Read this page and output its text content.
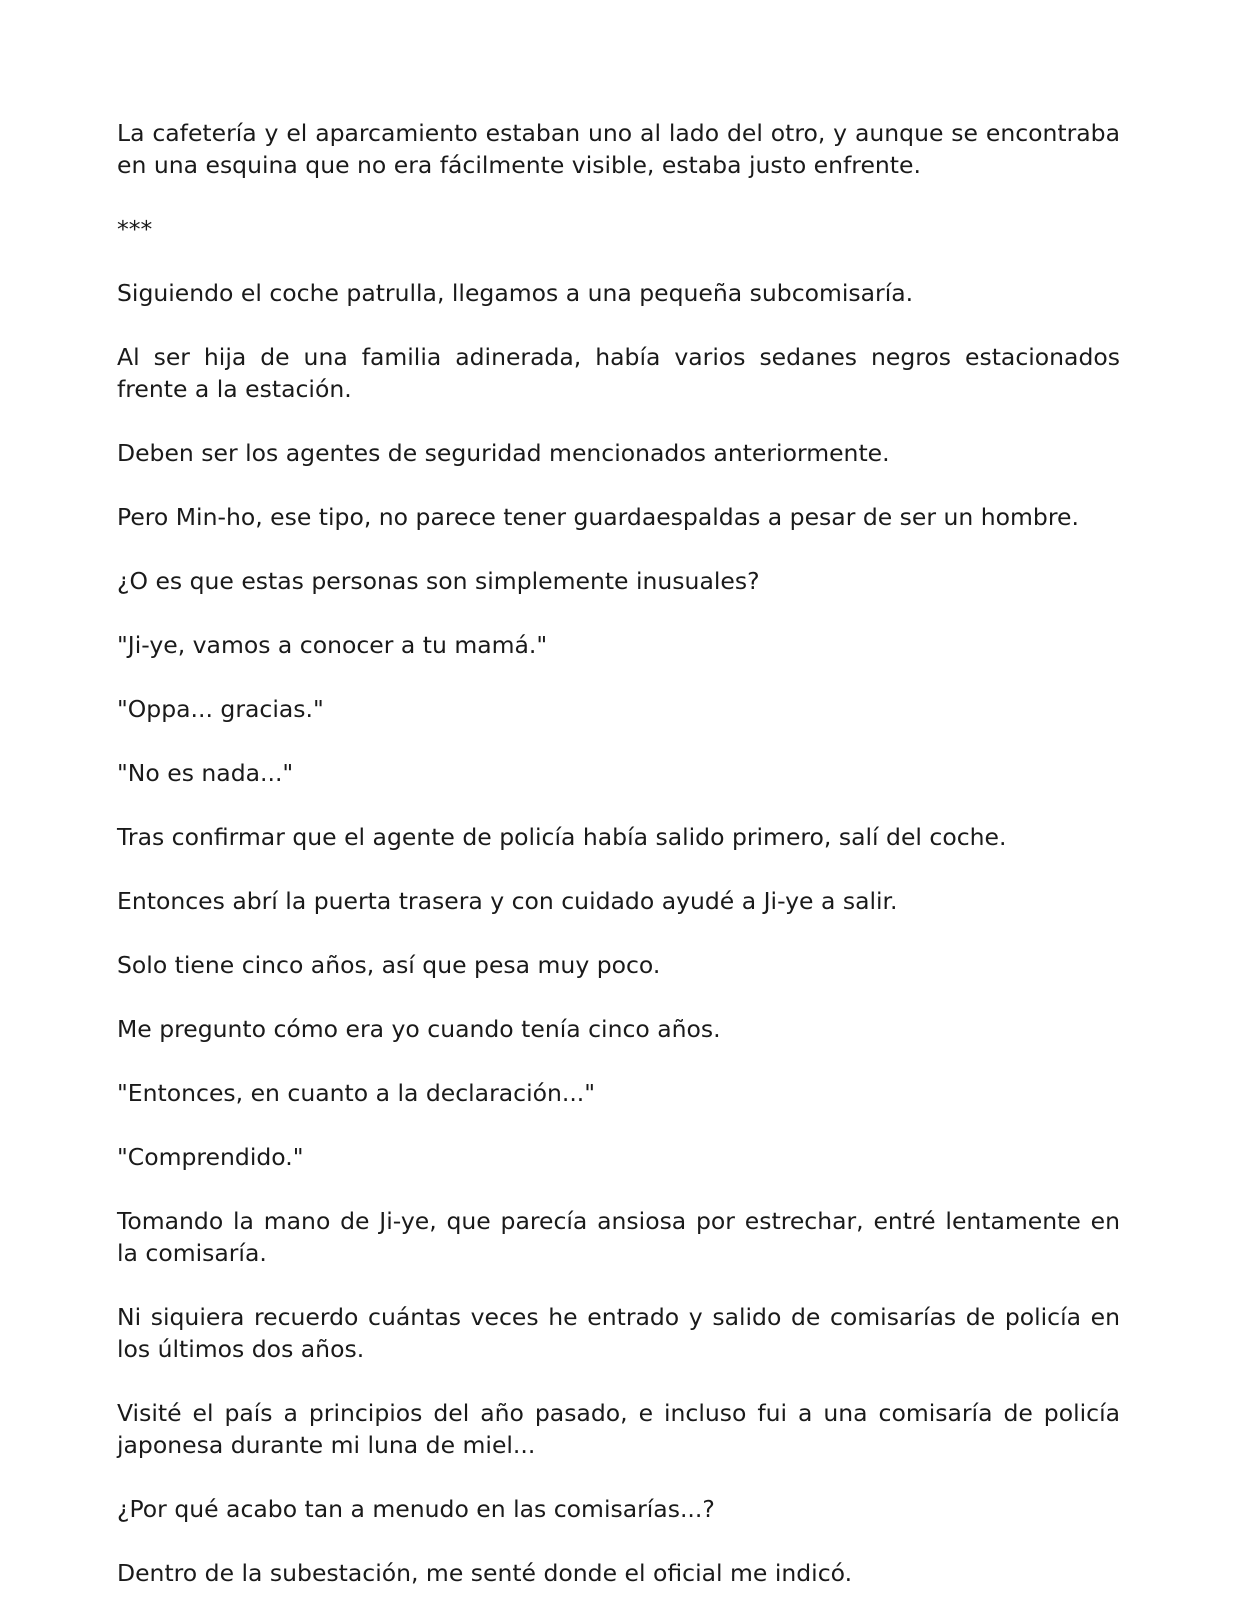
La cafetería y el aparcamiento estaban uno al lado del otro, y aunque se encontraba en una esquina que no era fácilmente visible, estaba justo enfrente.

***

Siguiendo el coche patrulla, llegamos a una pequeña subcomisaría.

Al ser hija de una familia adinerada, había varios sedanes negros estacionados frente a la estación.

Deben ser los agentes de seguridad mencionados anteriormente.

Pero Min-ho, ese tipo, no parece tener guardaespaldas a pesar de ser un hombre.

¿O es que estas personas son simplemente inusuales?

"Ji-ye, vamos a conocer a tu mamá."

"Oppa... gracias."

"No es nada..."

Tras confirmar que el agente de policía había salido primero, salí del coche.

Entonces abrí la puerta trasera y con cuidado ayudé a Ji-ye a salir.

Solo tiene cinco años, así que pesa muy poco.

Me pregunto cómo era yo cuando tenía cinco años.

"Entonces, en cuanto a la declaración..."

"Comprendido."

Tomando la mano de Ji-ye, que parecía ansiosa por estrechar, entré lentamente en la comisaría.

Ni siquiera recuerdo cuántas veces he entrado y salido de comisarías de policía en los últimos dos años.

Visité el país a principios del año pasado, e incluso fui a una comisaría de policía japonesa durante mi luna de miel...

¿Por qué acabo tan a menudo en las comisarías...?

Dentro de la subestación, me senté donde el oficial me indicó.
